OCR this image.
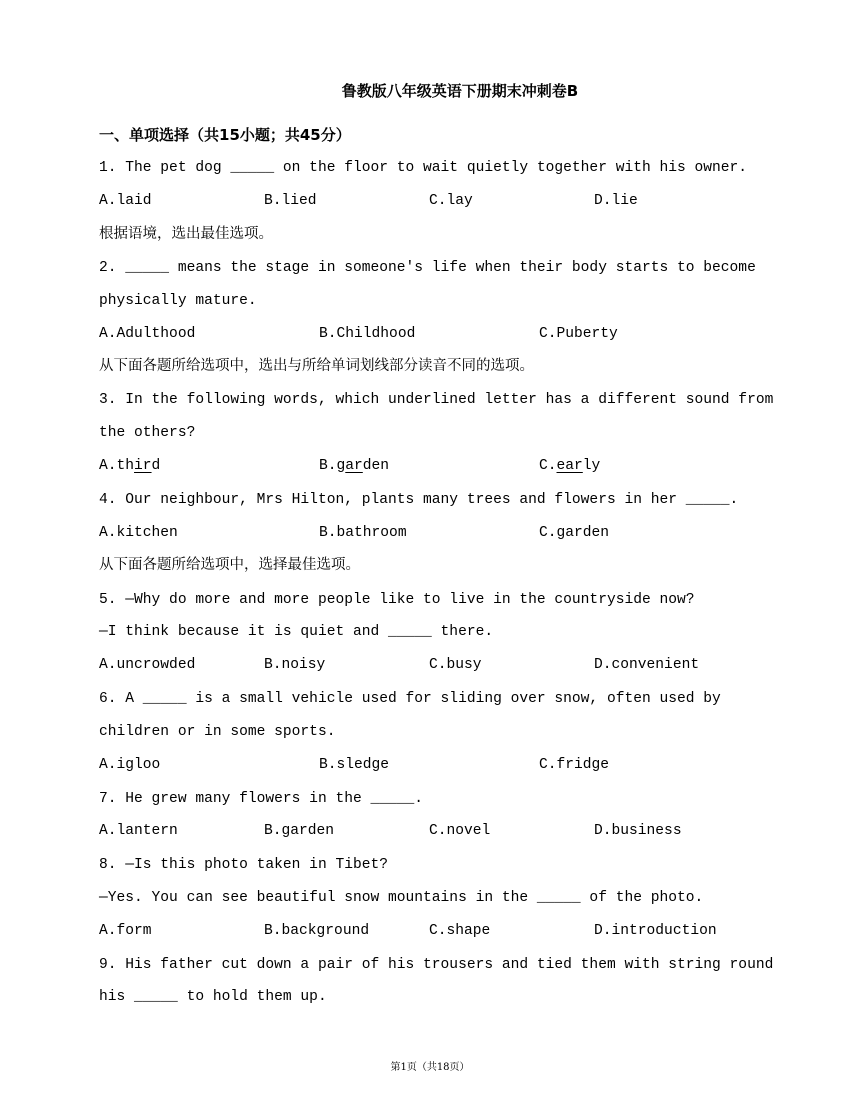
鲁教版八年级英语下册期末冲刺卷B
一、单项选择（共15小题；共45分）
1. The pet dog _____ on the floor to wait quietly together with his owner.
A.laid	B.lied	C.lay	D.lie
根据语境，选出最佳选项。
2. _____ means the stage in someone's life when their body starts to become
physically mature.
A.Adulthood	B.Childhood	C.Puberty
从下面各题所给选项中，选出与所给单词划线部分读音不同的选项。
3. In the following words, which underlined letter has a different sound from
the others?
A.third	B.garden	C.early
4. Our neighbour, Mrs Hilton, plants many trees and flowers in her _____.
A.kitchen	B.bathroom	C.garden
从下面各题所给选项中，选择最佳选项。
5. —Why do more and more people like to live in the countryside now?
—I think because it is quiet and _____ there.
A.uncrowded	B.noisy	C.busy	D.convenient
6. A _____ is a small vehicle used for sliding over snow, often used by
children or in some sports.
A.igloo	B.sledge	C.fridge
7. He grew many flowers in the _____.
A.lantern	B.garden	C.novel	D.business
8. —Is this photo taken in Tibet?
—Yes. You can see beautiful snow mountains in the _____ of the photo.
A.form	B.background	C.shape	D.introduction
9. His father cut down a pair of his trousers and tied them with string round
his _____ to hold them up.
第1页（共18页）
